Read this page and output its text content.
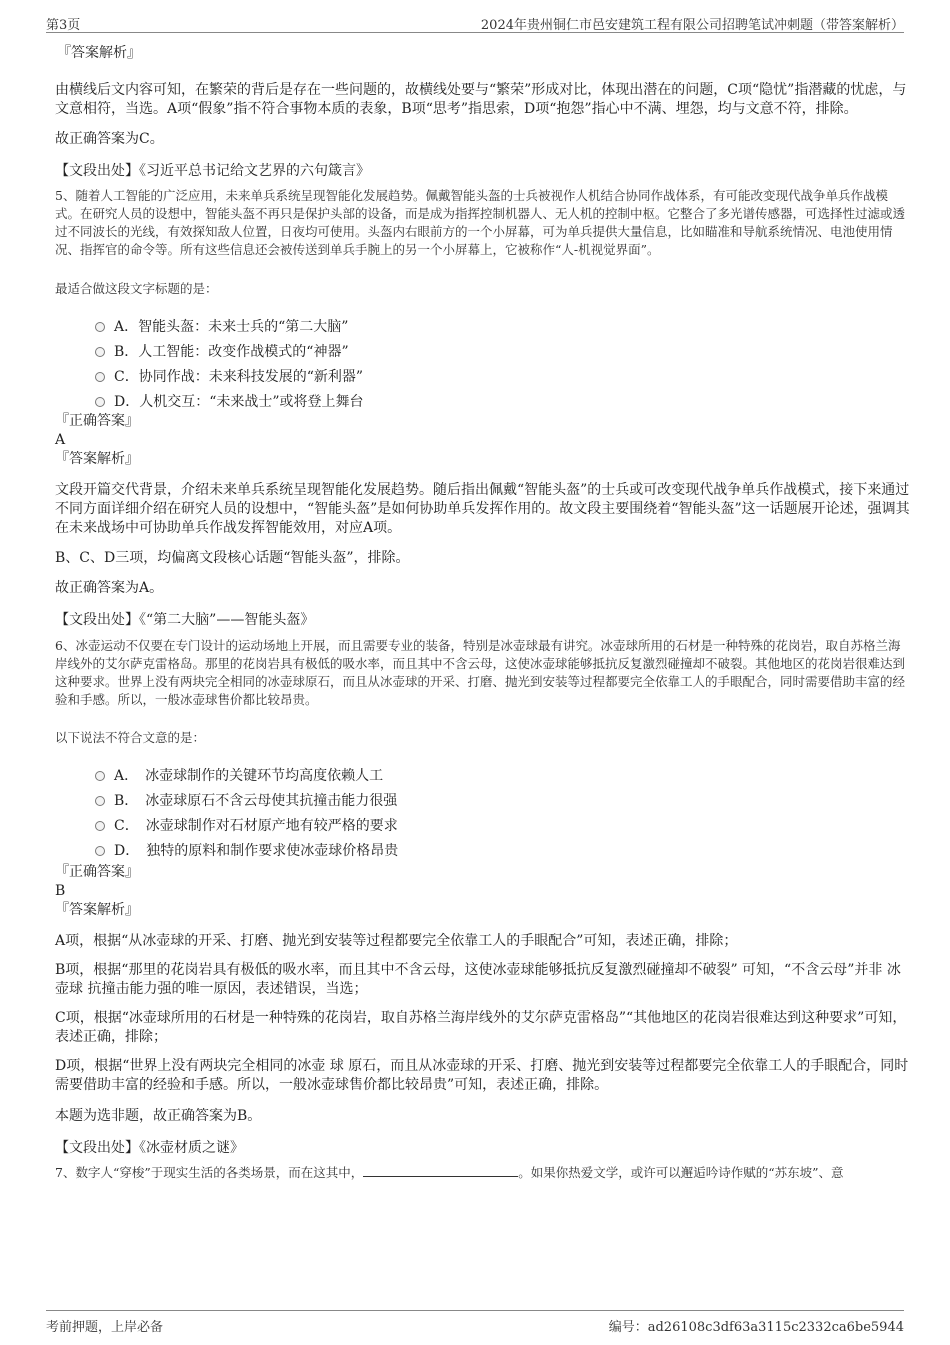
第3页	2024年贵州铜仁市邑安建筑工程有限公司招聘笔试冲刺题（带答案解析）
『答案解析』

由横线后文内容可知，在繁荣的背后是存在一些问题的，故横线处要与“繁荣”形成对比，体现出潜在的问题，C项“隐忧”指潜藏的忧虑，与文意相符，当选。A项“假象”指不符合事物本质的表象，B项“思考”指思索，D项“抱怨”指心中不满、埋怨，均与文意不符，排除。

故正确答案为C。

【文段出处】《习近平总书记给文艺界的六句箴言》

5、随着人工智能的广泛应用，未来单兵系统呈现智能化发展趋势。佩戴智能头盔的士兵被视作人机结合协同作战体系，有可能改变现代战争单兵作战模式。在研究人员的设想中，智能头盔不再只是保护头部的设备，而是成为指挥控制机器人、无人机的控制中枢。它整合了多光谱传感器，可选择性过滤或透过不同波长的光线，有效探知敌人位置，日夜均可使用。头盔内右眼前方的一个小屏幕，可为单兵提供大量信息，比如瞄准和导航系统情况、电池使用情况、指挥官的命令等。所有这些信息还会被传送到单兵手腕上的另一个小屏幕上，它被称作“人-机视觉界面”。

最适合做这段文字标题的是：

A．智能头盔：未来士兵的“第二大脑”
B．人工智能：改变作战模式的“神器”
C．协同作战：未来科技发展的“新利器”
D．人机交互：“未来战士”或将登上舞台
『正确答案』
A
『答案解析』

文段开篇交代背景，介绍未来单兵系统呈现智能化发展趋势。随后指出佩戴“智能头盔”的士兵或可改变现代战争单兵作战模式，接下来通过不同方面详细介绍在研究人员的设想中，“智能头盔”是如何协助单兵发挥作用的。故文段主要围绕着“智能头盔”这一话题展开论述，强调其在未来战场中可协助单兵作战发挥智能效用，对应A项。

B、C、D三项，均偏离文段核心话题“智能头盔”，排除。

故正确答案为A。

【文段出处】《“第二大脑”——智能头盔》

6、冰壶运动不仅要在专门设计的运动场地上开展，而且需要专业的装备，特别是冰壶球最有讲究。冰壶球所用的石材是一种特殊的花岗岩，取自苏格兰海岸线外的艾尔萨克雷格岛。那里的花岗岩具有极低的吸水率，而且其中不含云母，这使冰壶球能够抵抗反复激烈碰撞却不破裂。其他地区的花岗岩很难达到这种要求。世界上没有两块完全相同的冰壶球原石，而且从冰壶球的开采、打磨、抛光到安装等过程都要完全依靠工人的手眼配合，同时需要借助丰富的经验和手感。所以，一般冰壶球售价都比较昂贵。

以下说法不符合文意的是：

A．　冰壶球制作的关键环节均高度依赖人工
B．　冰壶球原石不含云母使其抗撞击能力很强
C．　冰壶球制作对石材原产地有较严格的要求
D．　独特的原料和制作要求使冰壶球价格昂贵
『正确答案』
B
『答案解析』

A项，根据“从冰壶球的开采、打磨、抛光到安装等过程都要完全依靠工人的手眼配合”可知，表述正确，排除；

B项，根据“那里的花岗岩具有极低的吸水率，而且其中不含云母，这使冰壶球能够抵抗反复激烈碰撞却不破裂” 可知，“不含云母”并非 冰壶球 抗撞击能力强的唯一原因，表述错误，当选；

C项，根据“冰壶球所用的石材是一种特殊的花岗岩，取自苏格兰海岸线外的艾尔萨克雷格岛”“其他地区的花岗岩很难达到这种要求”可知，表述正确，排除；

D项，根据“世界上没有两块完全相同的冰壶 球 原石，而且从冰壶球的开采、打磨、抛光到安装等过程都要完全依靠工人的手眼配合，同时需要借助丰富的经验和手感。所以，一般冰壶球售价都比较昂贵”可知，表述正确，排除。

本题为选非题，故正确答案为B。

【文段出处】《冰壶材质之谜》

7、数字人“穿梭”于现实生活的各类场景，而在这其中，	。如果你热爱文学，或许可以邂逅吟诗作赋的“苏东坡”、意

考前押题，上岸必备	编号：ad26108c3df63a3115c2332ca6be5944
